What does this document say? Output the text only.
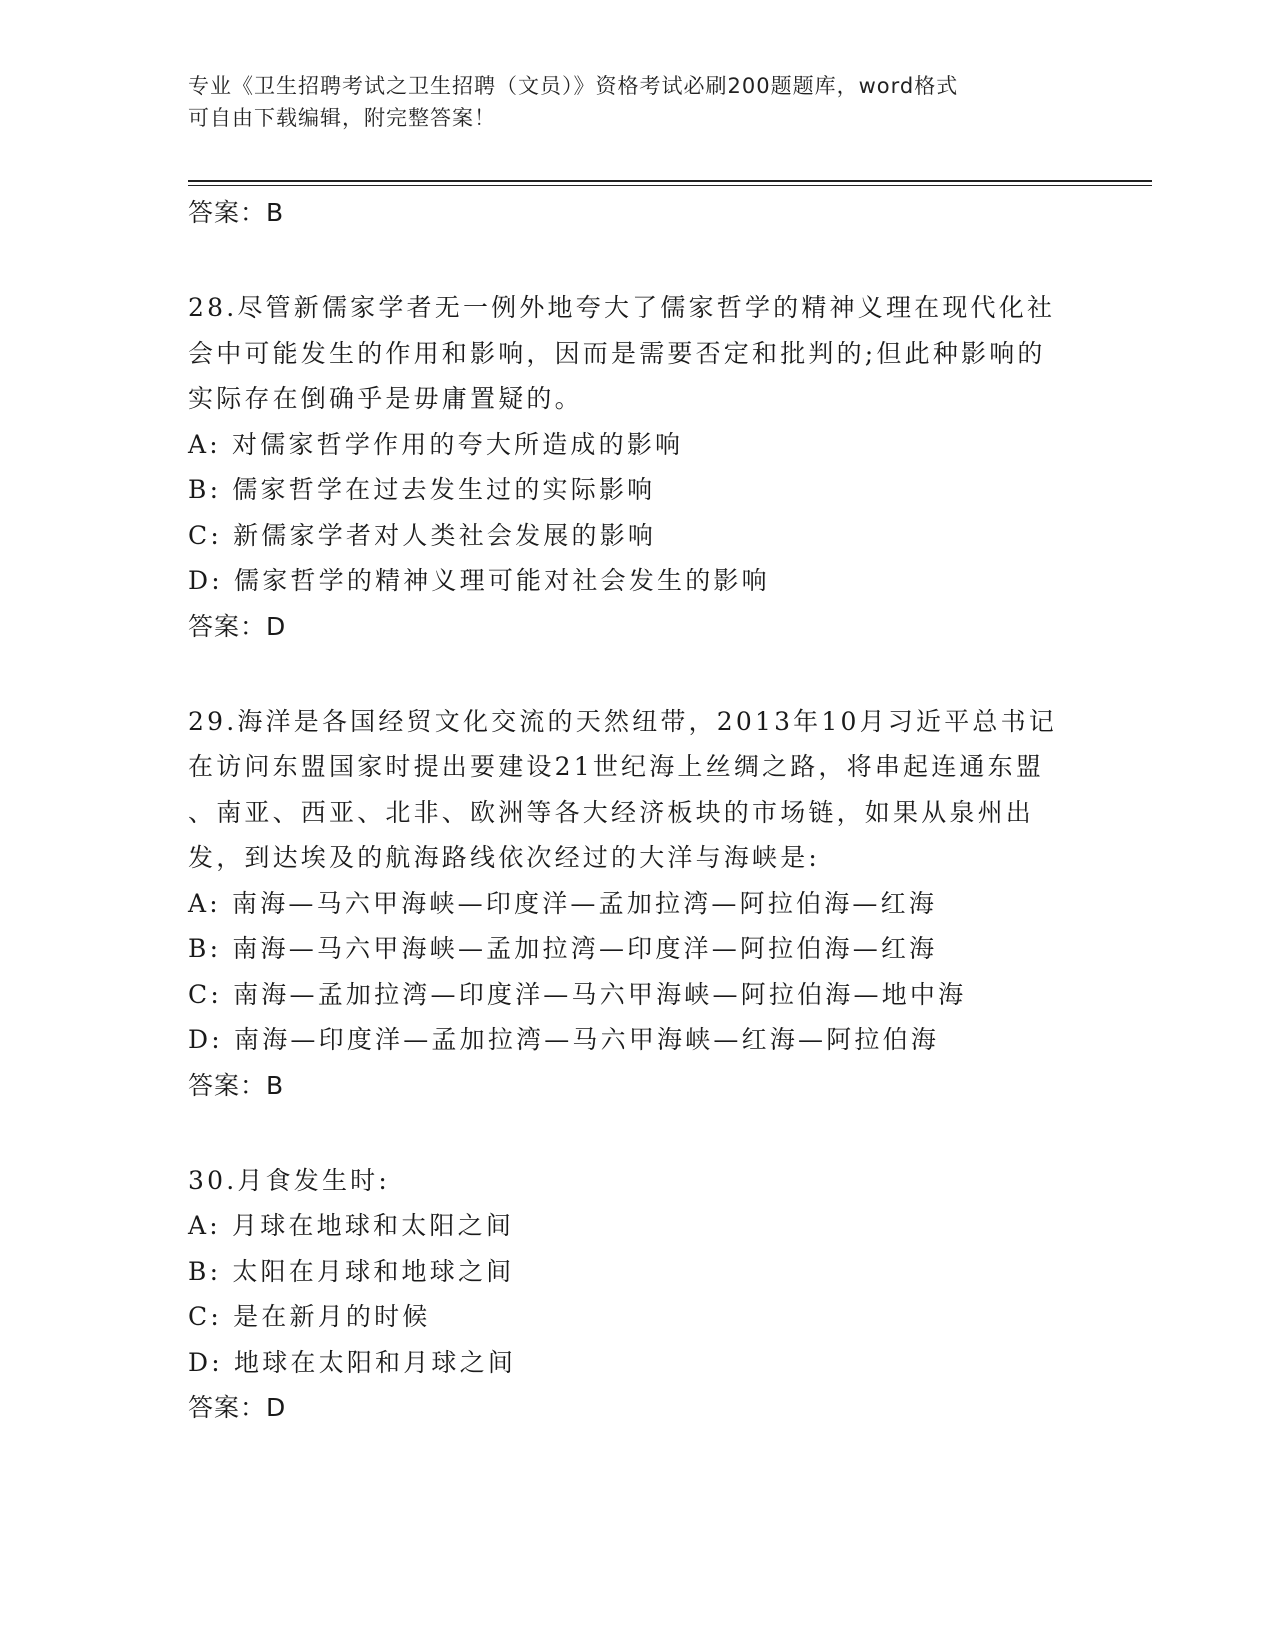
专业《卫生招聘考试之卫生招聘（文员）》资格考试必刷200题题库，word格式
可自由下载编辑，附完整答案！
答案：B

28.尽管新儒家学者无一例外地夸大了儒家哲学的精神义理在现代化社

会中可能发生的作用和影响，因而是需要否定和批判的;但此种影响的

实际存在倒确乎是毋庸置疑的。

A: 对儒家哲学作用的夸大所造成的影响

B: 儒家哲学在过去发生过的实际影响

C: 新儒家学者对人类社会发展的影响

D: 儒家哲学的精神义理可能对社会发生的影响

答案：D

29.海洋是各国经贸文化交流的天然纽带，2013年10月习近平总书记

在访问东盟国家时提出要建设21世纪海上丝绸之路，将串起连通东盟

、南亚、西亚、北非、欧洲等各大经济板块的市场链，如果从泉州出

发，到达埃及的航海路线依次经过的大洋与海峡是:

A: 南海—马六甲海峡—印度洋—孟加拉湾—阿拉伯海—红海

B: 南海—马六甲海峡—孟加拉湾—印度洋—阿拉伯海—红海

C: 南海—孟加拉湾—印度洋—马六甲海峡—阿拉伯海—地中海

D: 南海—印度洋—孟加拉湾—马六甲海峡—红海—阿拉伯海

答案：B

30.月食发生时:

A: 月球在地球和太阳之间

B: 太阳在月球和地球之间

C: 是在新月的时候

D: 地球在太阳和月球之间

答案：D
